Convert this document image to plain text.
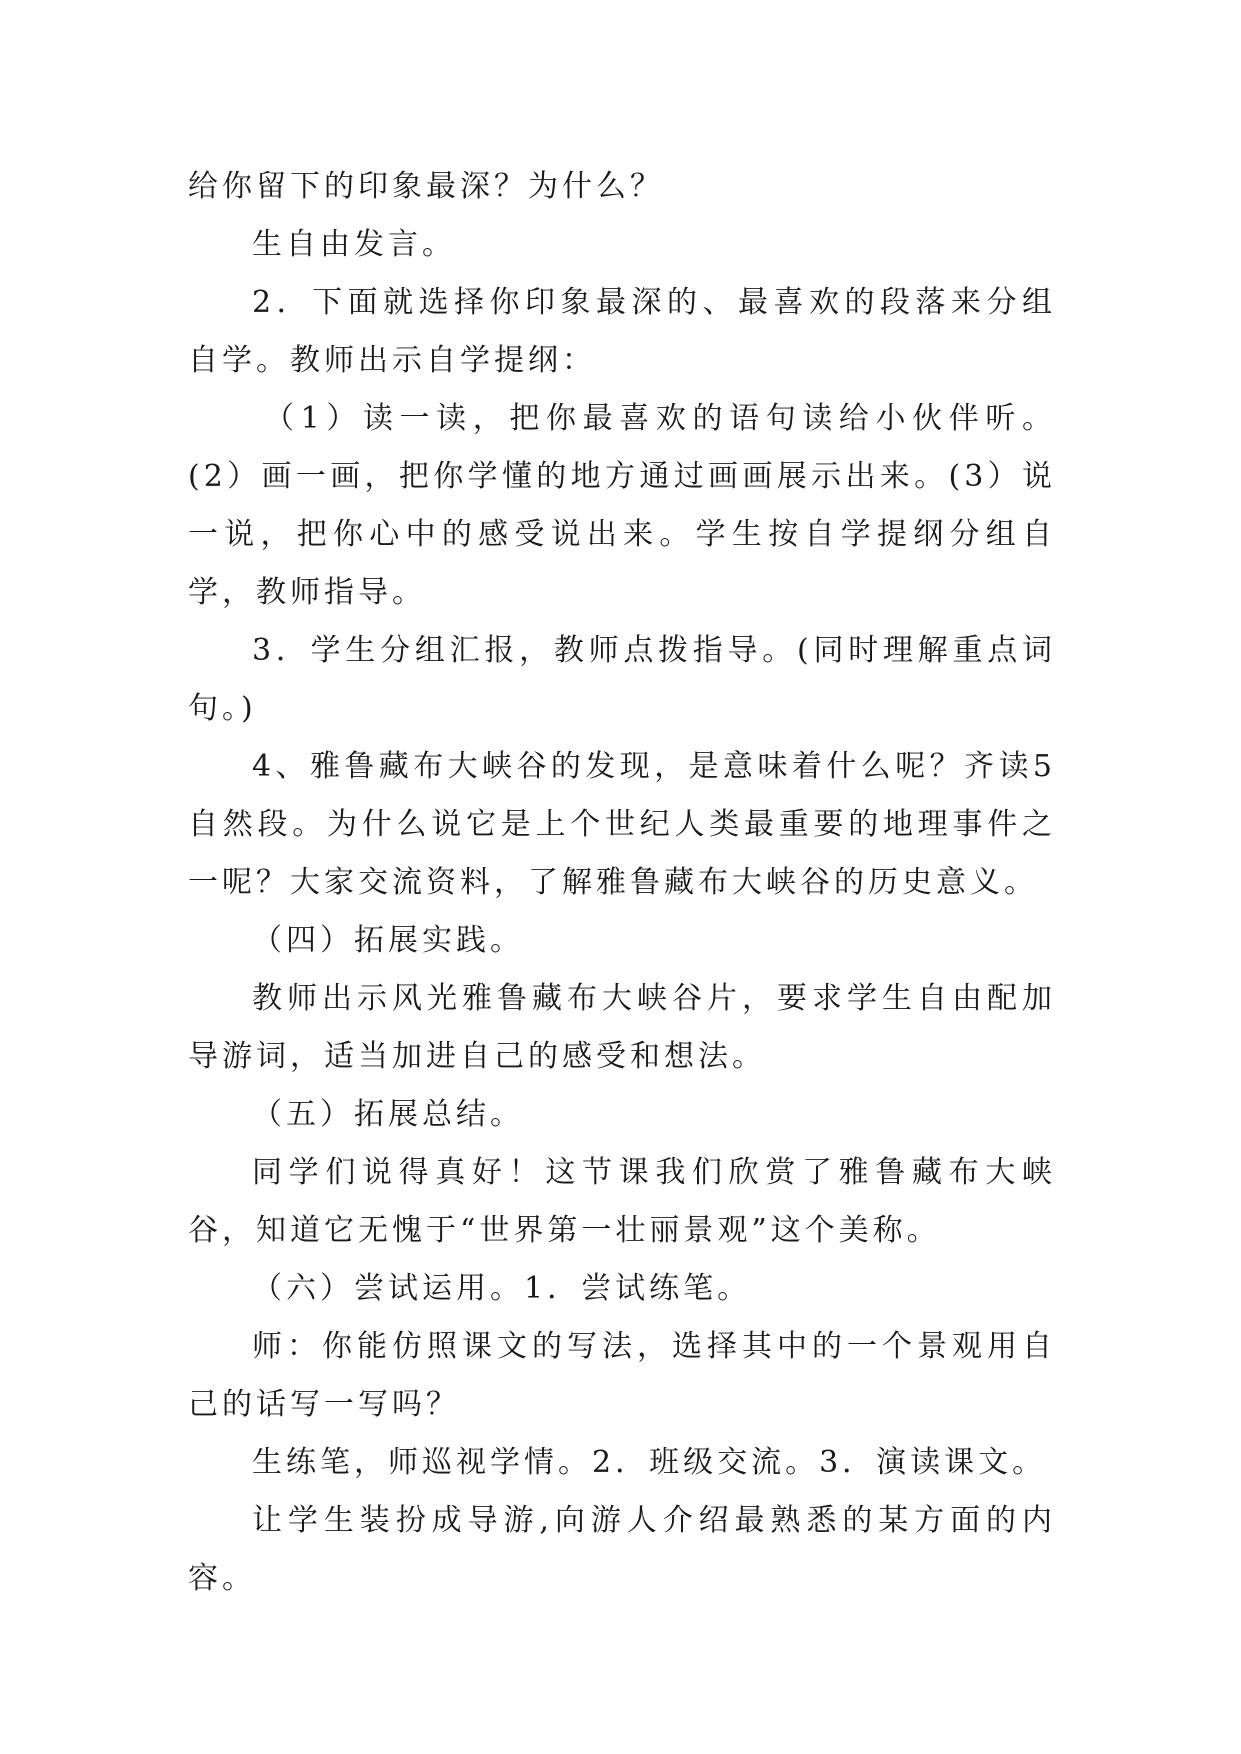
给你留下的印象最深？为什么？

生自由发言。

2．下面就选择你印象最深的、最喜欢的段落来分组自学。教师出示自学提纲：

（1）读一读，把你最喜欢的语句读给小伙伴听。(2）画一画，把你学懂的地方通过画画展示出来。(3）说一说，把你心中的感受说出来。学生按自学提纲分组自学，教师指导。

3．学生分组汇报，教师点拨指导。(同时理解重点词句。)

4、雅鲁藏布大峡谷的发现，是意味着什么呢？齐读5自然段。为什么说它是上个世纪人类最重要的地理事件之一呢？大家交流资料，了解雅鲁藏布大峡谷的历史意义。

（四）拓展实践。

教师出示风光雅鲁藏布大峡谷片，要求学生自由配加导游词，适当加进自己的感受和想法。

（五）拓展总结。

同学们说得真好！这节课我们欣赏了雅鲁藏布大峡谷，知道它无愧于“世界第一壮丽景观”这个美称。

（六）尝试运用。1．尝试练笔。

师：你能仿照课文的写法，选择其中的一个景观用自己的话写一写吗？

生练笔，师巡视学情。2．班级交流。3．演读课文。

让学生装扮成导游,向游人介绍最熟悉的某方面的内容。
